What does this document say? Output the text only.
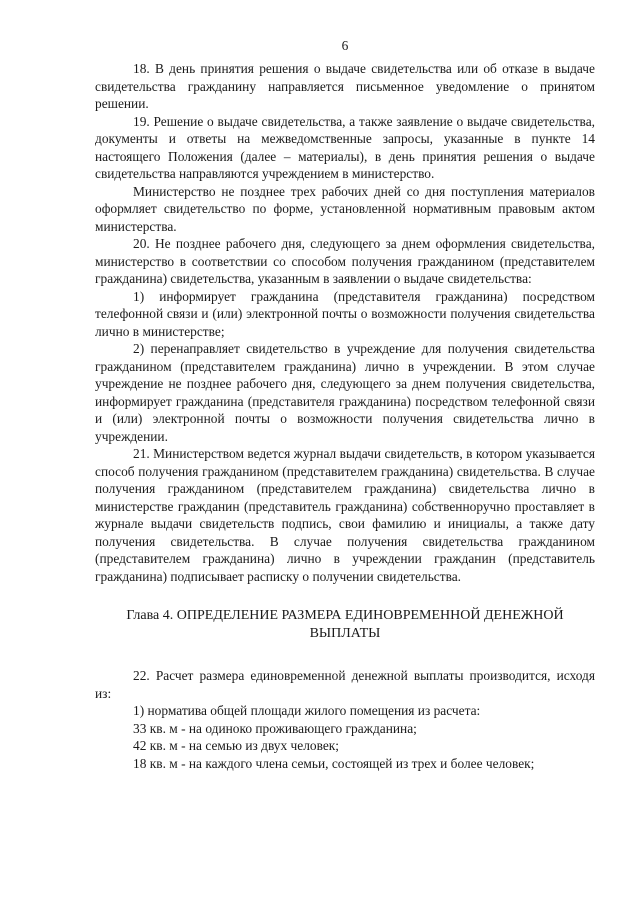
6

18. В день принятия решения о выдаче свидетельства или об отказе в выдаче свидетельства гражданину направляется письменное уведомление о принятом решении.

19. Решение о выдаче свидетельства, а также заявление о выдаче свидетельства, документы и ответы на межведомственные запросы, указанные в пункте 14 настоящего Положения (далее – материалы), в день принятия решения о выдаче свидетельства направляются учреждением в министерство.

Министерство не позднее трех рабочих дней со дня поступления материалов оформляет свидетельство по форме, установленной нормативным правовым актом министерства.

20. Не позднее рабочего дня, следующего за днем оформления свидетельства, министерство в соответствии со способом получения гражданином (представителем гражданина) свидетельства, указанным в заявлении о выдаче свидетельства:

1) информирует гражданина (представителя гражданина) посредством телефонной связи и (или) электронной почты о возможности получения свидетельства лично в министерстве;

2) перенаправляет свидетельство в учреждение для получения свидетельства гражданином (представителем гражданина) лично в учреждении. В этом случае учреждение не позднее рабочего дня, следующего за днем получения свидетельства, информирует гражданина (представителя гражданина) посредством телефонной связи и (или) электронной почты о возможности получения свидетельства лично в учреждении.

21. Министерством ведется журнал выдачи свидетельств, в котором указывается способ получения гражданином (представителем гражданина) свидетельства. В случае получения гражданином (представителем гражданина) свидетельства лично в министерстве гражданин (представитель гражданина) собственноручно проставляет в журнале выдачи свидетельств подпись, свои фамилию и инициалы, а также дату получения свидетельства. В случае получения свидетельства гражданином (представителем гражданина) лично в учреждении гражданин (представитель гражданина) подписывает расписку о получении свидетельства.

Глава 4. ОПРЕДЕЛЕНИЕ РАЗМЕРА ЕДИНОВРЕМЕННОЙ ДЕНЕЖНОЙ ВЫПЛАТЫ

22. Расчет размера единовременной денежной выплаты производится, исходя из:

1) норматива общей площади жилого помещения из расчета:

33 кв. м - на одиноко проживающего гражданина;

42 кв. м - на семью из двух человек;

18 кв. м - на каждого члена семьи, состоящей из трех и более человек;
